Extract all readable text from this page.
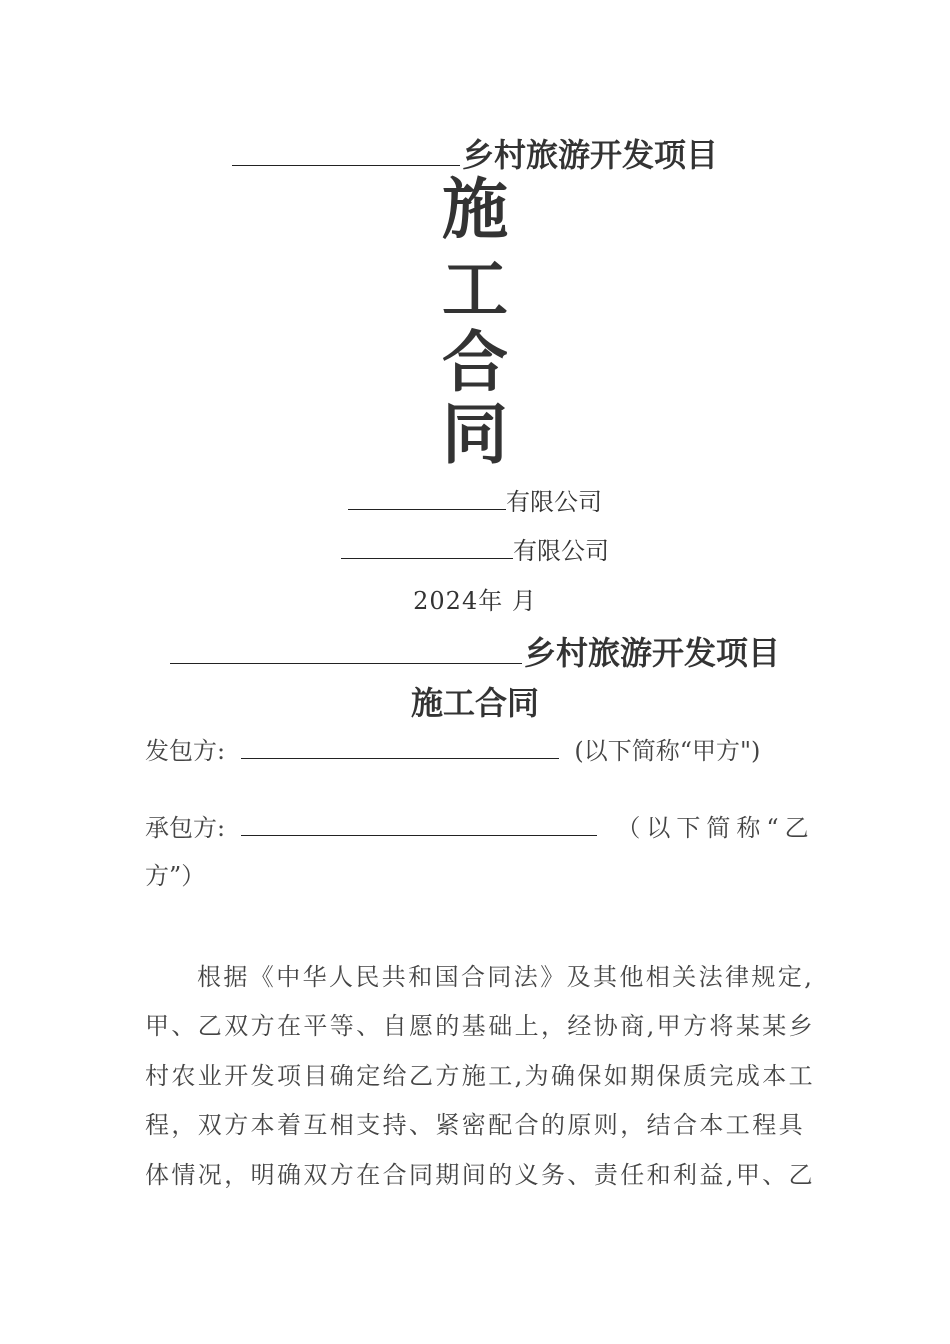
乡村旅游开发项目
施
工
合
同
有限公司
有限公司
2024年 月
乡村旅游开发项目
施工合同
发包方:	(以下简称“甲方")
承包方:	（以下简称“乙
方”）
根据《中华人民共和国合同法》及其他相关法律规定,
甲、乙双方在平等、自愿的基础上，经协商,甲方将某某乡
村农业开发项目确定给乙方施工,为确保如期保质完成本工
程，双方本着互相支持、紧密配合的原则，结合本工程具
体情况，明确双方在合同期间的义务、责任和利益,甲、乙
